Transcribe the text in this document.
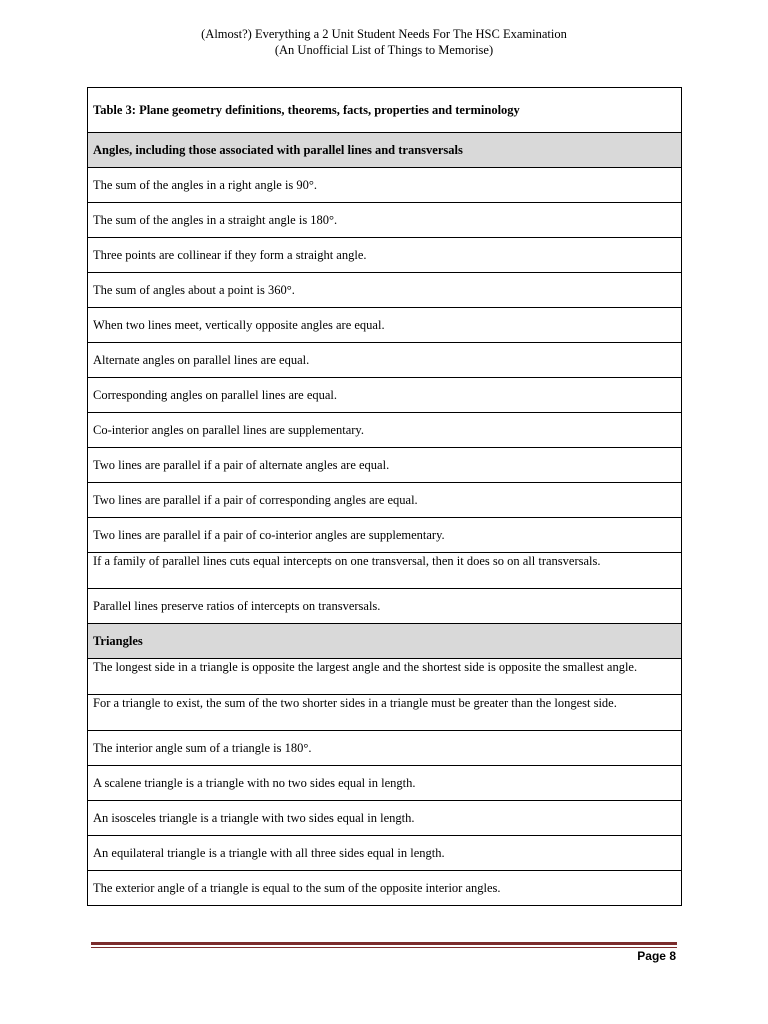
(Almost?) Everything a 2 Unit Student Needs For The HSC Examination
(An Unofficial List of Things to Memorise)
Table 3: Plane geometry definitions, theorems, facts, properties and terminology
Angles, including those associated with parallel lines and transversals
The sum of the angles in a right angle is 90°.
The sum of the angles in a straight angle is 180°.
Three points are collinear if they form a straight angle.
The sum of angles about a point is 360°.
When two lines meet, vertically opposite angles are equal.
Alternate angles on parallel lines are equal.
Corresponding angles on parallel lines are equal.
Co-interior angles on parallel lines are supplementary.
Two lines are parallel if a pair of alternate angles are equal.
Two lines are parallel if a pair of corresponding angles are equal.
Two lines are parallel if a pair of co-interior angles are supplementary.
If a family of parallel lines cuts equal intercepts on one transversal, then it does so on all transversals.
Parallel lines preserve ratios of intercepts on transversals.
Triangles
The longest side in a triangle is opposite the largest angle and the shortest side is opposite the smallest angle.
For a triangle to exist, the sum of the two shorter sides in a triangle must be greater than the longest side.
The interior angle sum of a triangle is 180°.
A scalene triangle is a triangle with no two sides equal in length.
An isosceles triangle is a triangle with two sides equal in length.
An equilateral triangle is a triangle with all three sides equal in length.
The exterior angle of a triangle is equal to the sum of the opposite interior angles.
Page 8
